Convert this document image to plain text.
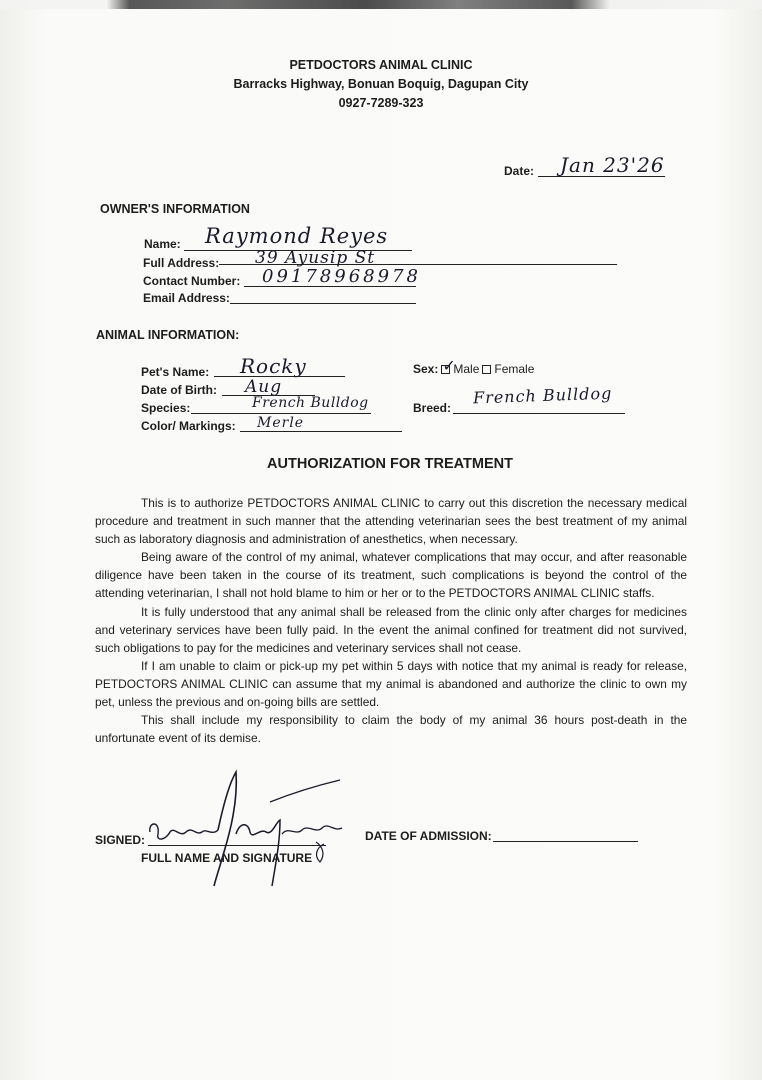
PETDOCTORS ANIMAL CLINIC
Barracks Highway, Bonuan Boquig, Dagupan City
0927-7289-323
Date: Jan 23'26
OWNER'S INFORMATION
Name: Raymond Reyes
Full Address: 39 Ayusip St
Contact Number: 09178968978
Email Address:
ANIMAL INFORMATION:
Pet's Name: Rocky
Date of Birth: Aug
Species:	French Bulldog
Color/ Markings: Merle
Sex: ✓
Male Female
Breed:
French Bulldog
AUTHORIZATION FOR TREATMENT

This is to authorize PETDOCTORS ANIMAL CLINIC to carry out this discretion the necessary medical procedure and treatment in such manner that the attending veterinarian sees the best treatment of my animal such as laboratory diagnosis and administration of anesthetics, when necessary.

Being aware of the control of my animal, whatever complications that may occur, and after reasonable diligence have been taken in the course of its treatment, such complications is beyond the control of the attending veterinarian, I shall not hold blame to him or her or to the PETDOCTORS ANIMAL CLINIC staffs.

It is fully understood that any animal shall be released from the clinic only after charges for medicines and veterinary services have been fully paid. In the event the animal confined for treatment did not survived, such obligations to pay for the medicines and veterinary services shall not cease.

If I am unable to claim or pick-up my pet within 5 days with notice that my animal is ready for release, PETDOCTORS ANIMAL CLINIC can assume that my animal is abandoned and authorize the clinic to own my pet, unless the previous and on-going bills are settled.

This shall include my responsibility to claim the body of my animal 36 hours post-death in the unfortunate event of its demise.

SIGNED:
FULL NAME AND SIGNATURE
DATE OF ADMISSION:
